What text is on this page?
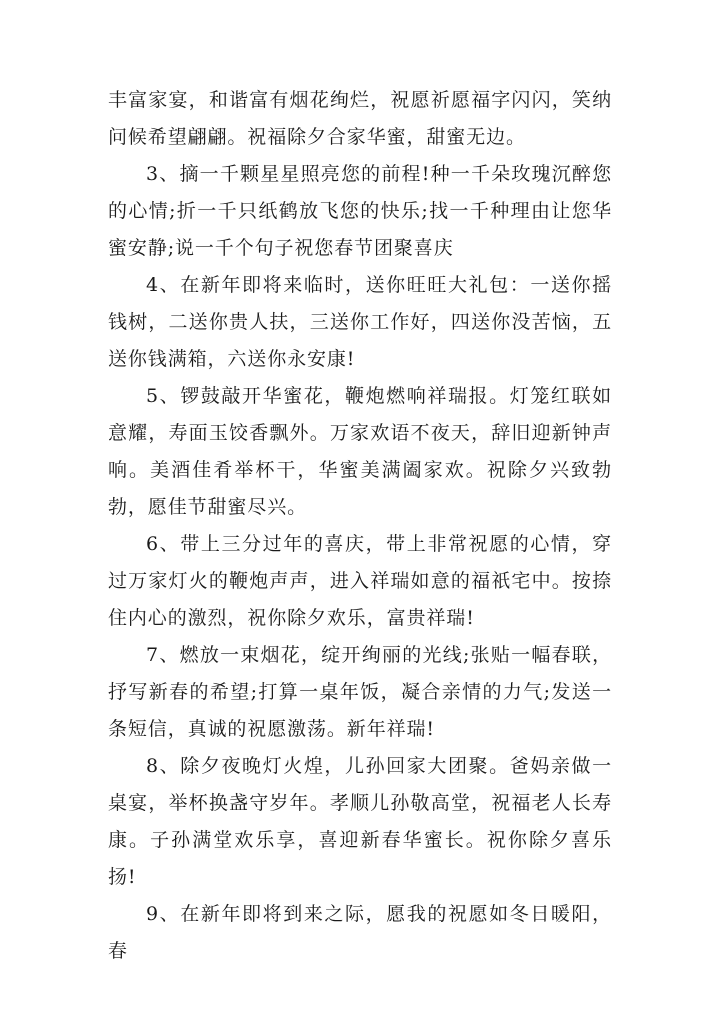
丰富家宴，和谐富有烟花绚烂，祝愿祈愿福字闪闪，笑纳问候希望翩翩。祝福除夕合家华蜜，甜蜜无边。

3、摘一千颗星星照亮您的前程!种一千朵玫瑰沉醉您的心情;折一千只纸鹤放飞您的快乐;找一千种理由让您华蜜安静;说一千个句子祝您春节团聚喜庆

4、在新年即将来临时，送你旺旺大礼包：一送你摇钱树，二送你贵人扶，三送你工作好，四送你没苦恼，五送你钱满箱，六送你永安康!

5、锣鼓敲开华蜜花，鞭炮燃响祥瑞报。灯笼红联如意耀，寿面玉饺香飘外。万家欢语不夜天，辞旧迎新钟声响。美酒佳肴举杯干，华蜜美满阖家欢。祝除夕兴致勃勃，愿佳节甜蜜尽兴。

6、带上三分过年的喜庆，带上非常祝愿的心情，穿过万家灯火的鞭炮声声，进入祥瑞如意的福祇宅中。按捺住内心的激烈，祝你除夕欢乐，富贵祥瑞!

7、燃放一束烟花，绽开绚丽的光线;张贴一幅春联，抒写新春的希望;打算一桌年饭，凝合亲情的力气;发送一条短信，真诚的祝愿激荡。新年祥瑞!

8、除夕夜晚灯火煌，儿孙回家大团聚。爸妈亲做一桌宴，举杯换盏守岁年。孝顺儿孙敬高堂，祝福老人长寿康。子孙满堂欢乐享，喜迎新春华蜜长。祝你除夕喜乐扬!

9、在新年即将到来之际，愿我的祝愿如冬日暖阳，春
